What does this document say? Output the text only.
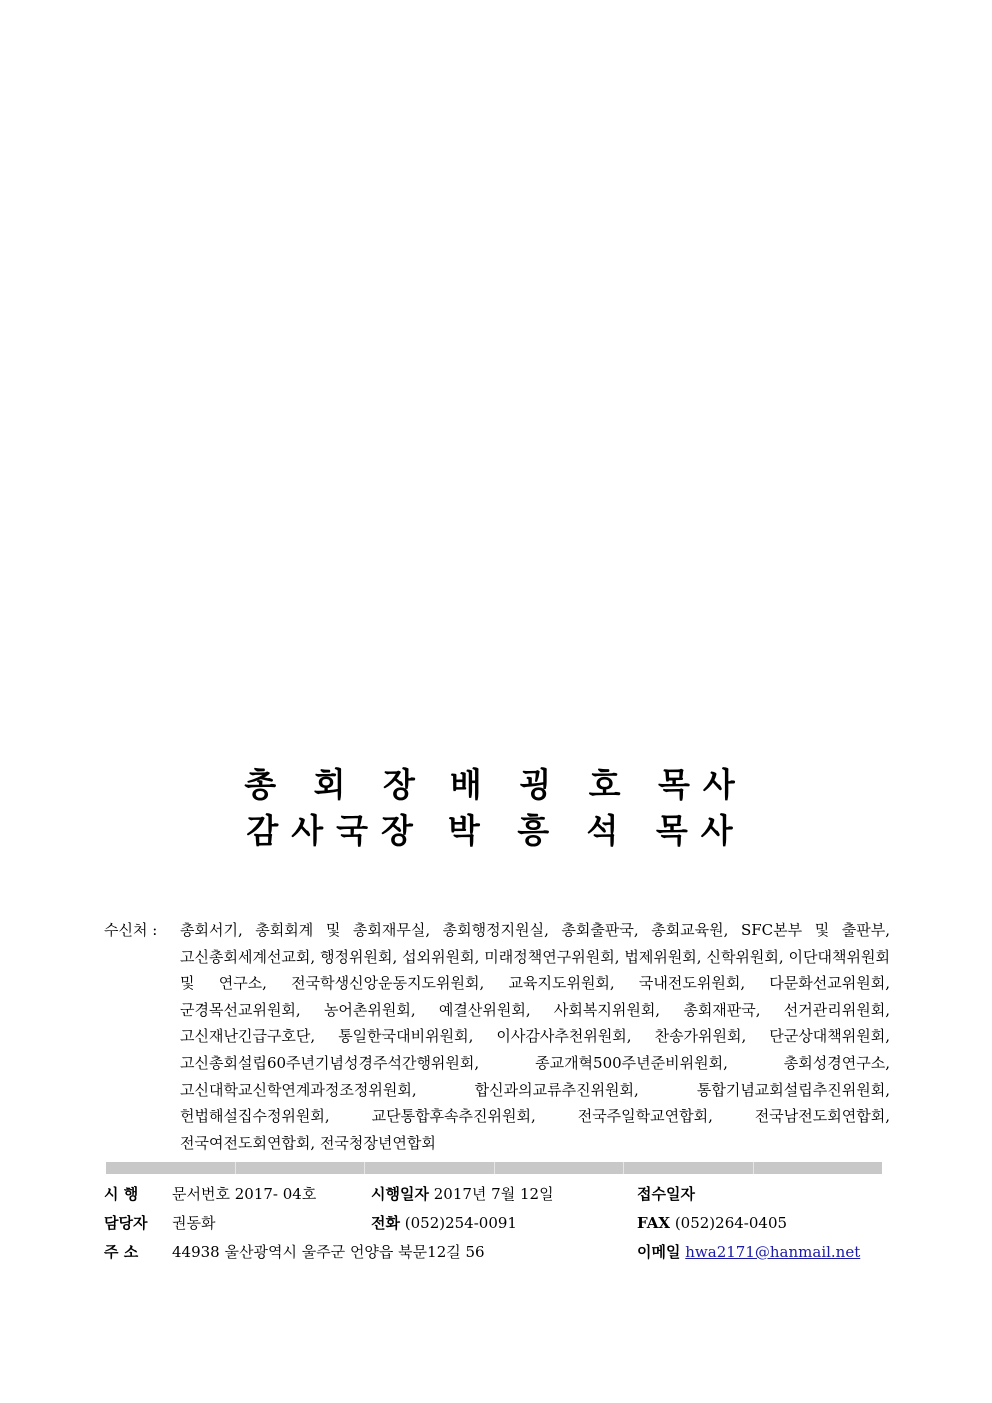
총 회 장 배 굉 호 목사
감사국장 박 흥 석 목사
수신처 :	총회서기, 총회회계 및 총회재무실, 총회행정지원실, 총회출판국, 총회교육원, SFC본부 및 출판부, 고신총회세계선교회, 행정위원회, 섭외위원회, 미래정책연구위원회, 법제위원회, 신학위원회, 이단대책위원회 및 연구소, 전국학생신앙운동지도위원회, 교육지도위원회, 국내전도위원회, 다문화선교위원회, 군경목선교위원회, 농어촌위원회, 예결산위원회, 사회복지위원회, 총회재판국, 선거관리위원회, 고신재난긴급구호단, 통일한국대비위원회, 이사감사추천위원회, 찬송가위원회, 단군상대책위원회, 고신총회설립60주년기념성경주석간행위원회, 종교개혁500주년준비위원회, 총회성경연구소, 고신대학교신학연계과정조정위원회, 합신과의교류추진위원회, 통합기념교회설립추진위원회, 헌법해설집수정위원회, 교단통합후속추진위원회, 전국주일학교연합회, 전국남전도회연합회, 전국여전도회연합회, 전국청장년연합회
시 행 문서번호 2017- 04호	시행일자 2017년 7월 12일	접수일자
담당자 권동화	전화 (052)254-0091	FAX (052)264-0405
주 소 44938 울산광역시 울주군 언양읍 북문12길 56	이메일 hwa2171@hanmail.net
